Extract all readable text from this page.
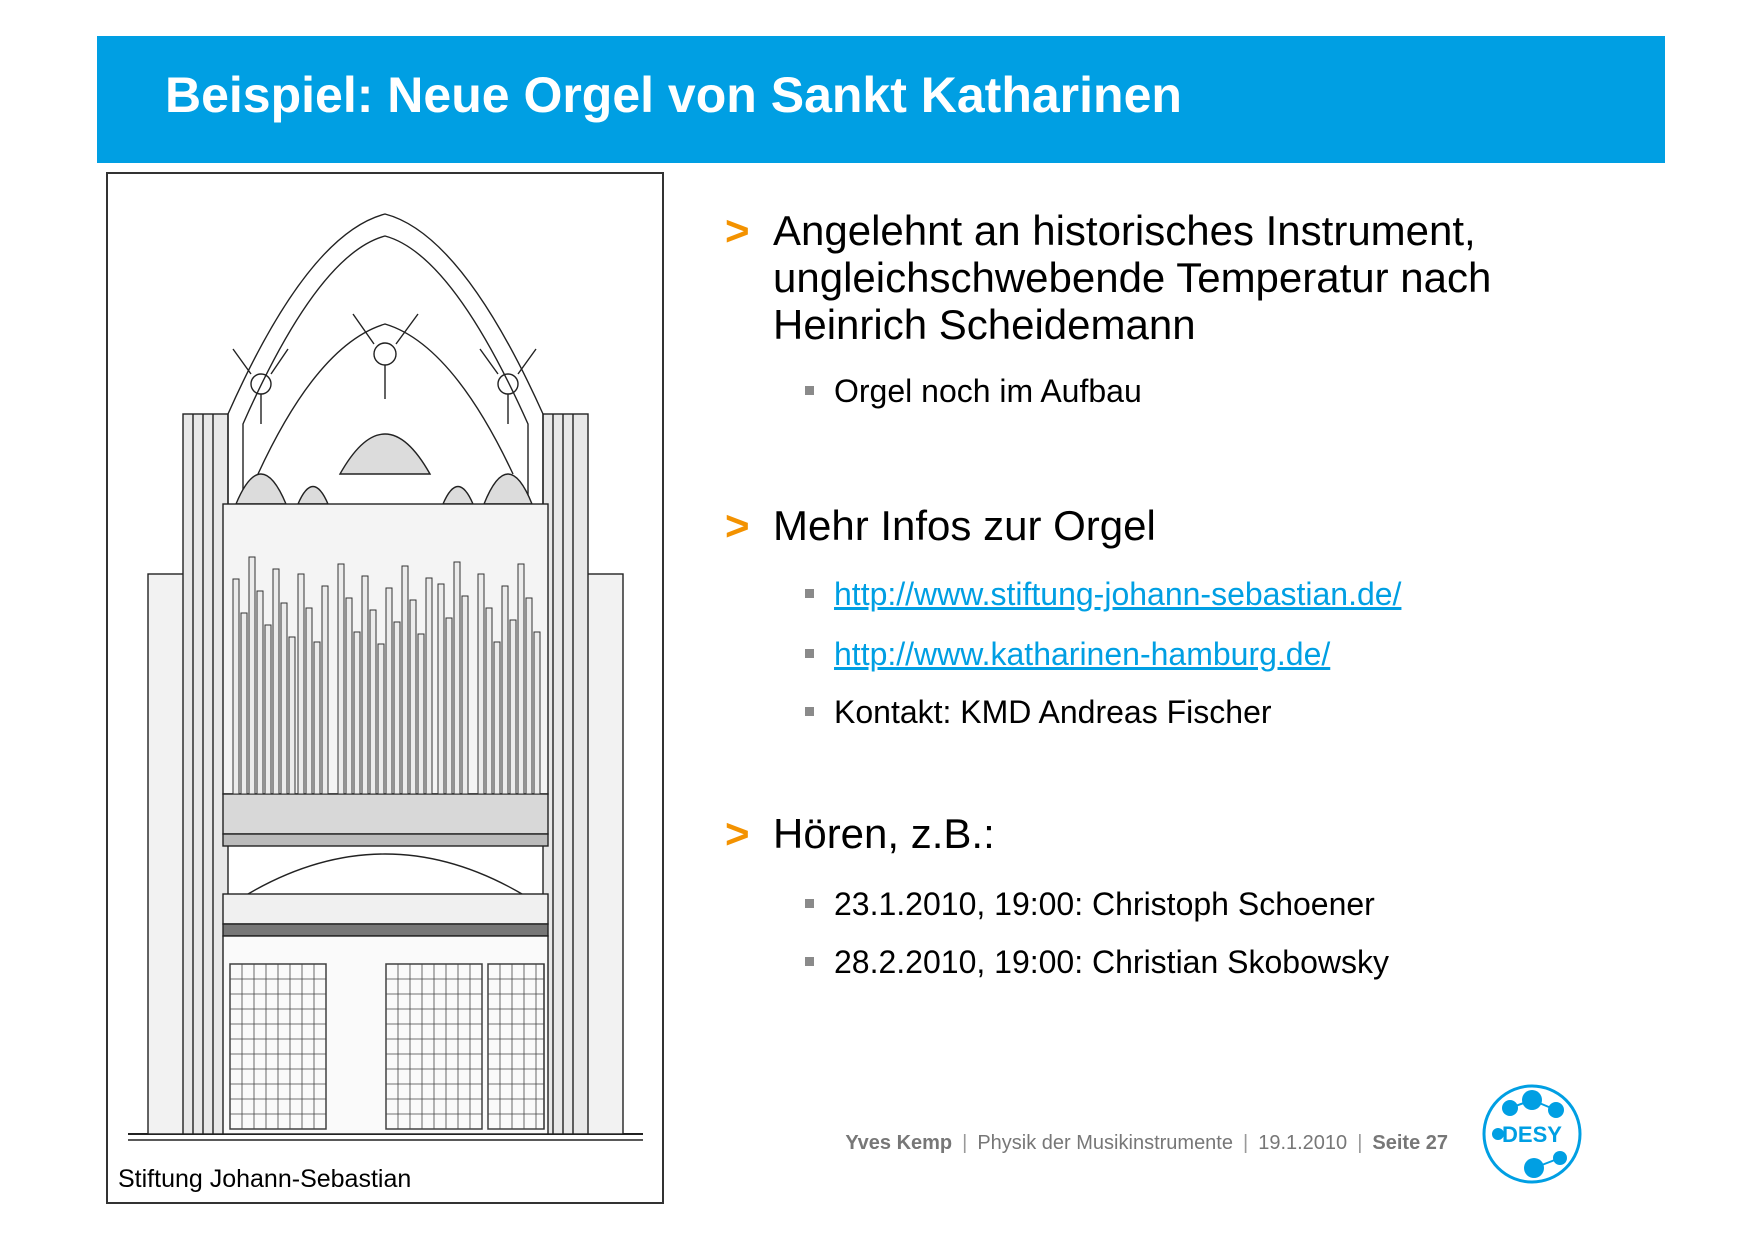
Beispiel: Neue Orgel von Sankt Katharinen
Stiftung Johann-Sebastian
> Angelehnt an historisches Instrument, ungleichschwebende Temperatur nach Heinrich Scheidemann
Orgel noch im Aufbau
> Mehr Infos zur Orgel
http://www.stiftung-johann-sebastian.de/
http://www.katharinen-hamburg.de/
Kontakt: KMD Andreas Fischer
> Hören, z.B.:
23.1.2010, 19:00: Christoph Schoener
28.2.2010, 19:00: Christian Skobowsky
Yves Kemp | Physik der Musikinstrumente | 19.1.2010 | Seite 27 DESY
